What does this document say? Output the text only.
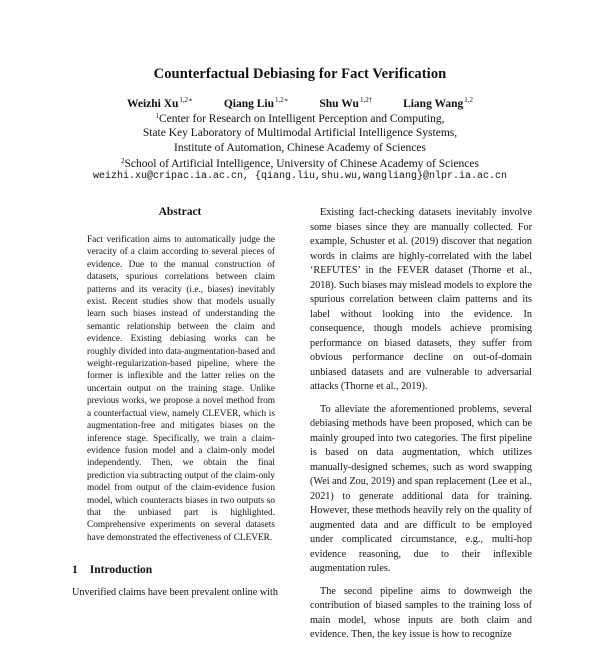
Counterfactual Debiasing for Fact Verification
Weizhi $Xu^{1,2∗}$	Qiang Liu$^{1,2∗}$	Shu $Wu^{1,2\dagger}$	Liang Wang$^{1,2}$
$^1$Center for Research on Intelligent Perception and Computing,
State Key Laboratory of Multimodal Artificial Intelligence Systems,
Institute of Automation, Chinese Academy of Sciences
$^2$School of Artificial Intelligence, University of Chinese Academy of Sciences
weizhi.xu@cripac.ia.ac.cn, {qiang.liu,shu.wu,wangliang}@nlpr.ia.ac.cn
Abstract
Fact verification aims to automatically judge the veracity of a claim according to several pieces of evidence. Due to the manual construction of datasets, spurious correlations between claim patterns and its veracity (i.e., biases) inevitably exist. Recent studies show that models usually learn such biases instead of understanding the semantic relationship between the claim and evidence. Existing debiasing works can be roughly divided into data-augmentation-based and weight-regularization-based pipeline, where the former is inflexible and the latter relies on the uncertain output on the training stage. Unlike previous works, we propose a novel method from a counterfactual view, namely CLEVER, which is augmentation-free and mitigates biases on the inference stage. Specifically, we train a claim-evidence fusion model and a claim-only model independently. Then, we obtain the final prediction via subtracting output of the claim-only model from output of the claim-evidence fusion model, which counteracts biases in two outputs so that the unbiased part is highlighted. Comprehensive experiments on several datasets have demonstrated the effectiveness of CLEVER.
1 Introduction
Unverified claims have been prevalent online with

Existing fact-checking datasets inevitably involve some biases since they are manually collected. For example, Schuster et al. (2019) discover that negation words in claims are highly-correlated with the label ‘REFUTES’ in the FEVER dataset (Thorne et al., 2018). Such biases may mislead models to explore the spurious correlation between claim patterns and its label without looking into the evidence. In consequence, though models achieve promising performance on biased datasets, they suffer from obvious performance decline on out-of-domain unbiased datasets and are vulnerable to adversarial attacks (Thorne et al., 2019).

To alleviate the aforementioned problems, several debiasing methods have been proposed, which can be mainly grouped into two categories. The first pipeline is based on data augmentation, which utilizes manually-designed schemes, such as word swapping (Wei and Zou, 2019) and span replacement (Lee et al., 2021) to generate additional data for training. However, these methods heavily rely on the quality of augmented data and are difficult to be employed under complicated circumstance, e.g., multi-hop evidence reasoning, due to their inflexible augmentation rules.

The second pipeline aims to downweigh the contribution of biased samples to the training loss of main model, whose inputs are both claim and evidence. Then, the key issue is how to recognize
